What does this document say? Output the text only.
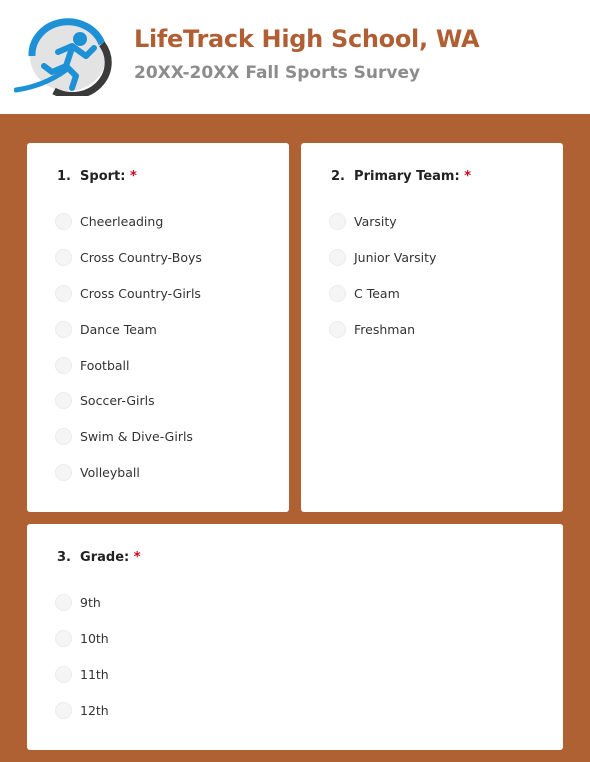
LifeTrack High School, WA
20XX-20XX Fall Sports Survey
1. Sport: *
Cheerleading
Cross Country-Boys
Cross Country-Girls
Dance Team
Football
Soccer-Girls
Swim & Dive-Girls
Volleyball
2. Primary Team: *
Varsity
Junior Varsity
C Team
Freshman
3. Grade: *
9th
10th
11th
12th
